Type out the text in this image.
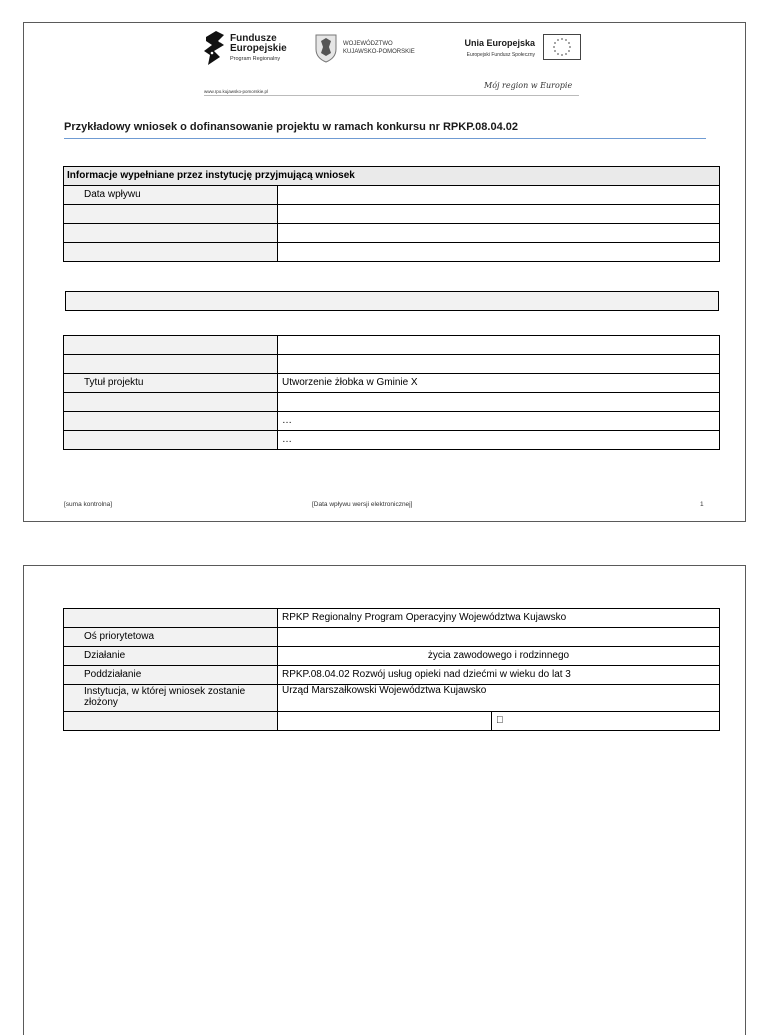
Fundusze
Europejskie
Program Regionalny
WOJEWÓDZTWO
KUJAWSKO-POMORSKIE
Unia Europejska
Europejski Fundusz Społeczny
www.rpo.kujawsko-pomorskie.pl
Mój region w Europie
Przykładowy wniosek o dofinansowanie projektu w ramach konkursu nr RPKP.08.04.02
Informacje wypełniane przez instytucję przyjmującą wniosek	
Data wpływu	

Tytuł projektu	Utworzenie żłobka w Gminie X

	…
	…
[suma kontrolna]	[Data wpływu wersji elektronicznej]	1
	RPKP Regionalny Program Operacyjny Województwa Kujawsko	
Oś priorytetowa		
Działanie	życia zawodowego i rodzinnego	
Poddziałanie	RPKP.08.04.02 Rozwój usług opieki nad dziećmi w wieku do lat 3	
Instytucja, w której wniosek zostanie złożony	Urząd Marszałkowski Województwa Kujawsko	
